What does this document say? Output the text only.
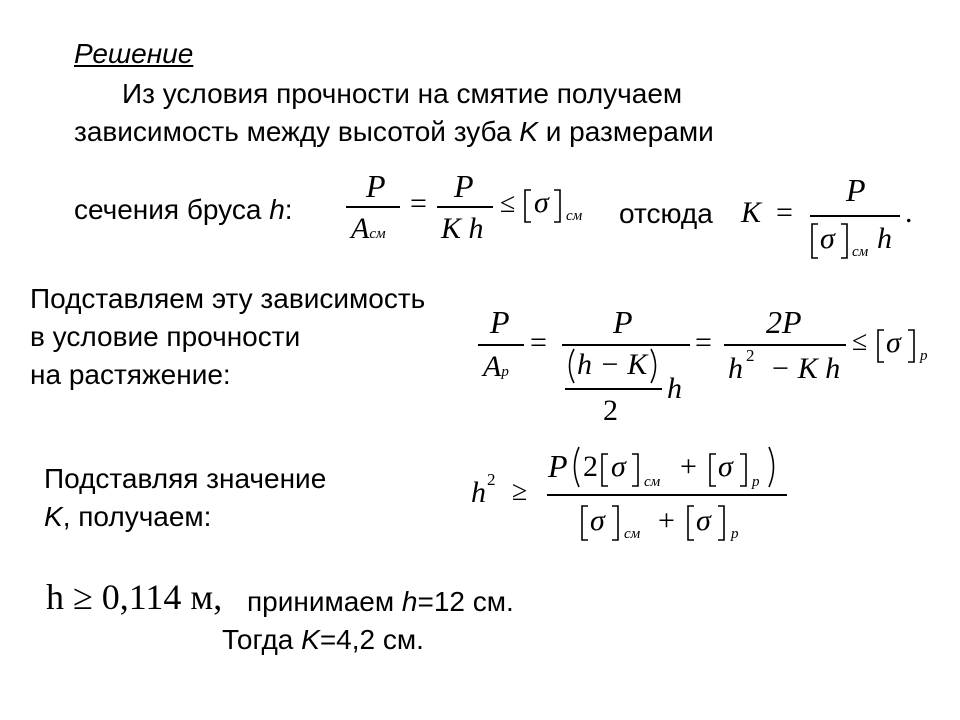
Решение
Из условия прочности на смятие получаем
зависимость между высотой зуба K и размерами
сечения бруса h:	отсюда
P
Aсм
= P
K h
≤ σ см	K =
P
σ см h
.
Подставляем эту зависимость
в условие прочности
на растяжение:
P
Aр
=
P
h − K
2
h
=
2P
h 2 − K h
≤ σ р
Подставляя значение
K, получаем:
h 2 ≥
P 2 σ см + σ р
σ см + σ р
h ≥ 0,114 м, принимаем h=12 см.
Тогда K=4,2 см.
